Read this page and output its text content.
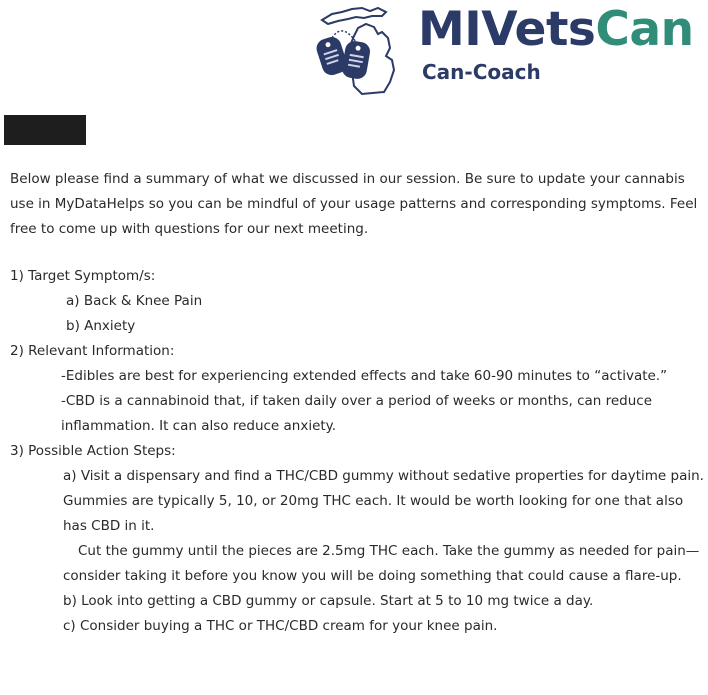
MIVetsCan
Can-Coach

Below please find a summary of what we discussed in our session. Be sure to update your cannabis use in MyDataHelps so you can be mindful of your usage patterns and corresponding symptoms. Feel free to come up with questions for our next meeting.

1) Target Symptom/s:

a) Back & Knee Pain

b) Anxiety

2) Relevant Information:

-Edibles are best for experiencing extended effects and take 60-90 minutes to “activate.”

-CBD is a cannabinoid that, if taken daily over a period of weeks or months, can reduce inflammation. It can also reduce anxiety.

3) Possible Action Steps:

a) Visit a dispensary and find a THC/CBD gummy without sedative properties for daytime pain. Gummies are typically 5, 10, or 20mg THC each. It would be worth looking for one that also has CBD in it.

Cut the gummy until the pieces are 2.5mg THC each. Take the gummy as needed for pain—consider taking it before you know you will be doing something that could cause a flare-up.

b) Look into getting a CBD gummy or capsule. Start at 5 to 10 mg twice a day.

c) Consider buying a THC or THC/CBD cream for your knee pain.
